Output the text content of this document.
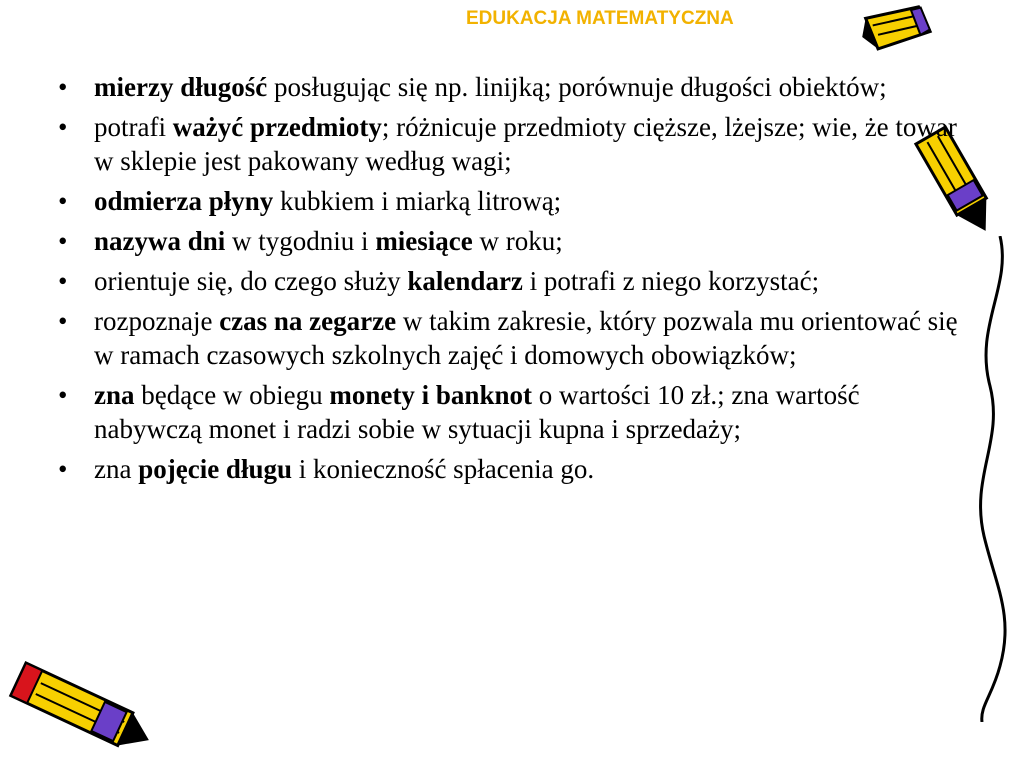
EDUKACJA MATEMATYCZNA
• mierzy długość posługując się np. linijką; porównuje długości obiektów;
• potrafi ważyć przedmioty; różnicuje przedmioty cięższe, lżejsze; wie, że towar w sklepie jest pakowany według wagi;
• odmierza płyny kubkiem i miarką litrową;
• nazywa dni w tygodniu i miesiące w roku;
• orientuje się, do czego służy kalendarz i potrafi z niego korzystać;
• rozpoznaje czas na zegarze w takim zakresie, który pozwala mu orientować się w ramach czasowych szkolnych zajęć i domowych obowiązków;
• zna będące w obiegu monety i banknot o wartości 10 zł.; zna wartość nabywczą monet i radzi sobie w sytuacji kupna i sprzedaży;
• zna pojęcie długu i konieczność spłacenia go.
